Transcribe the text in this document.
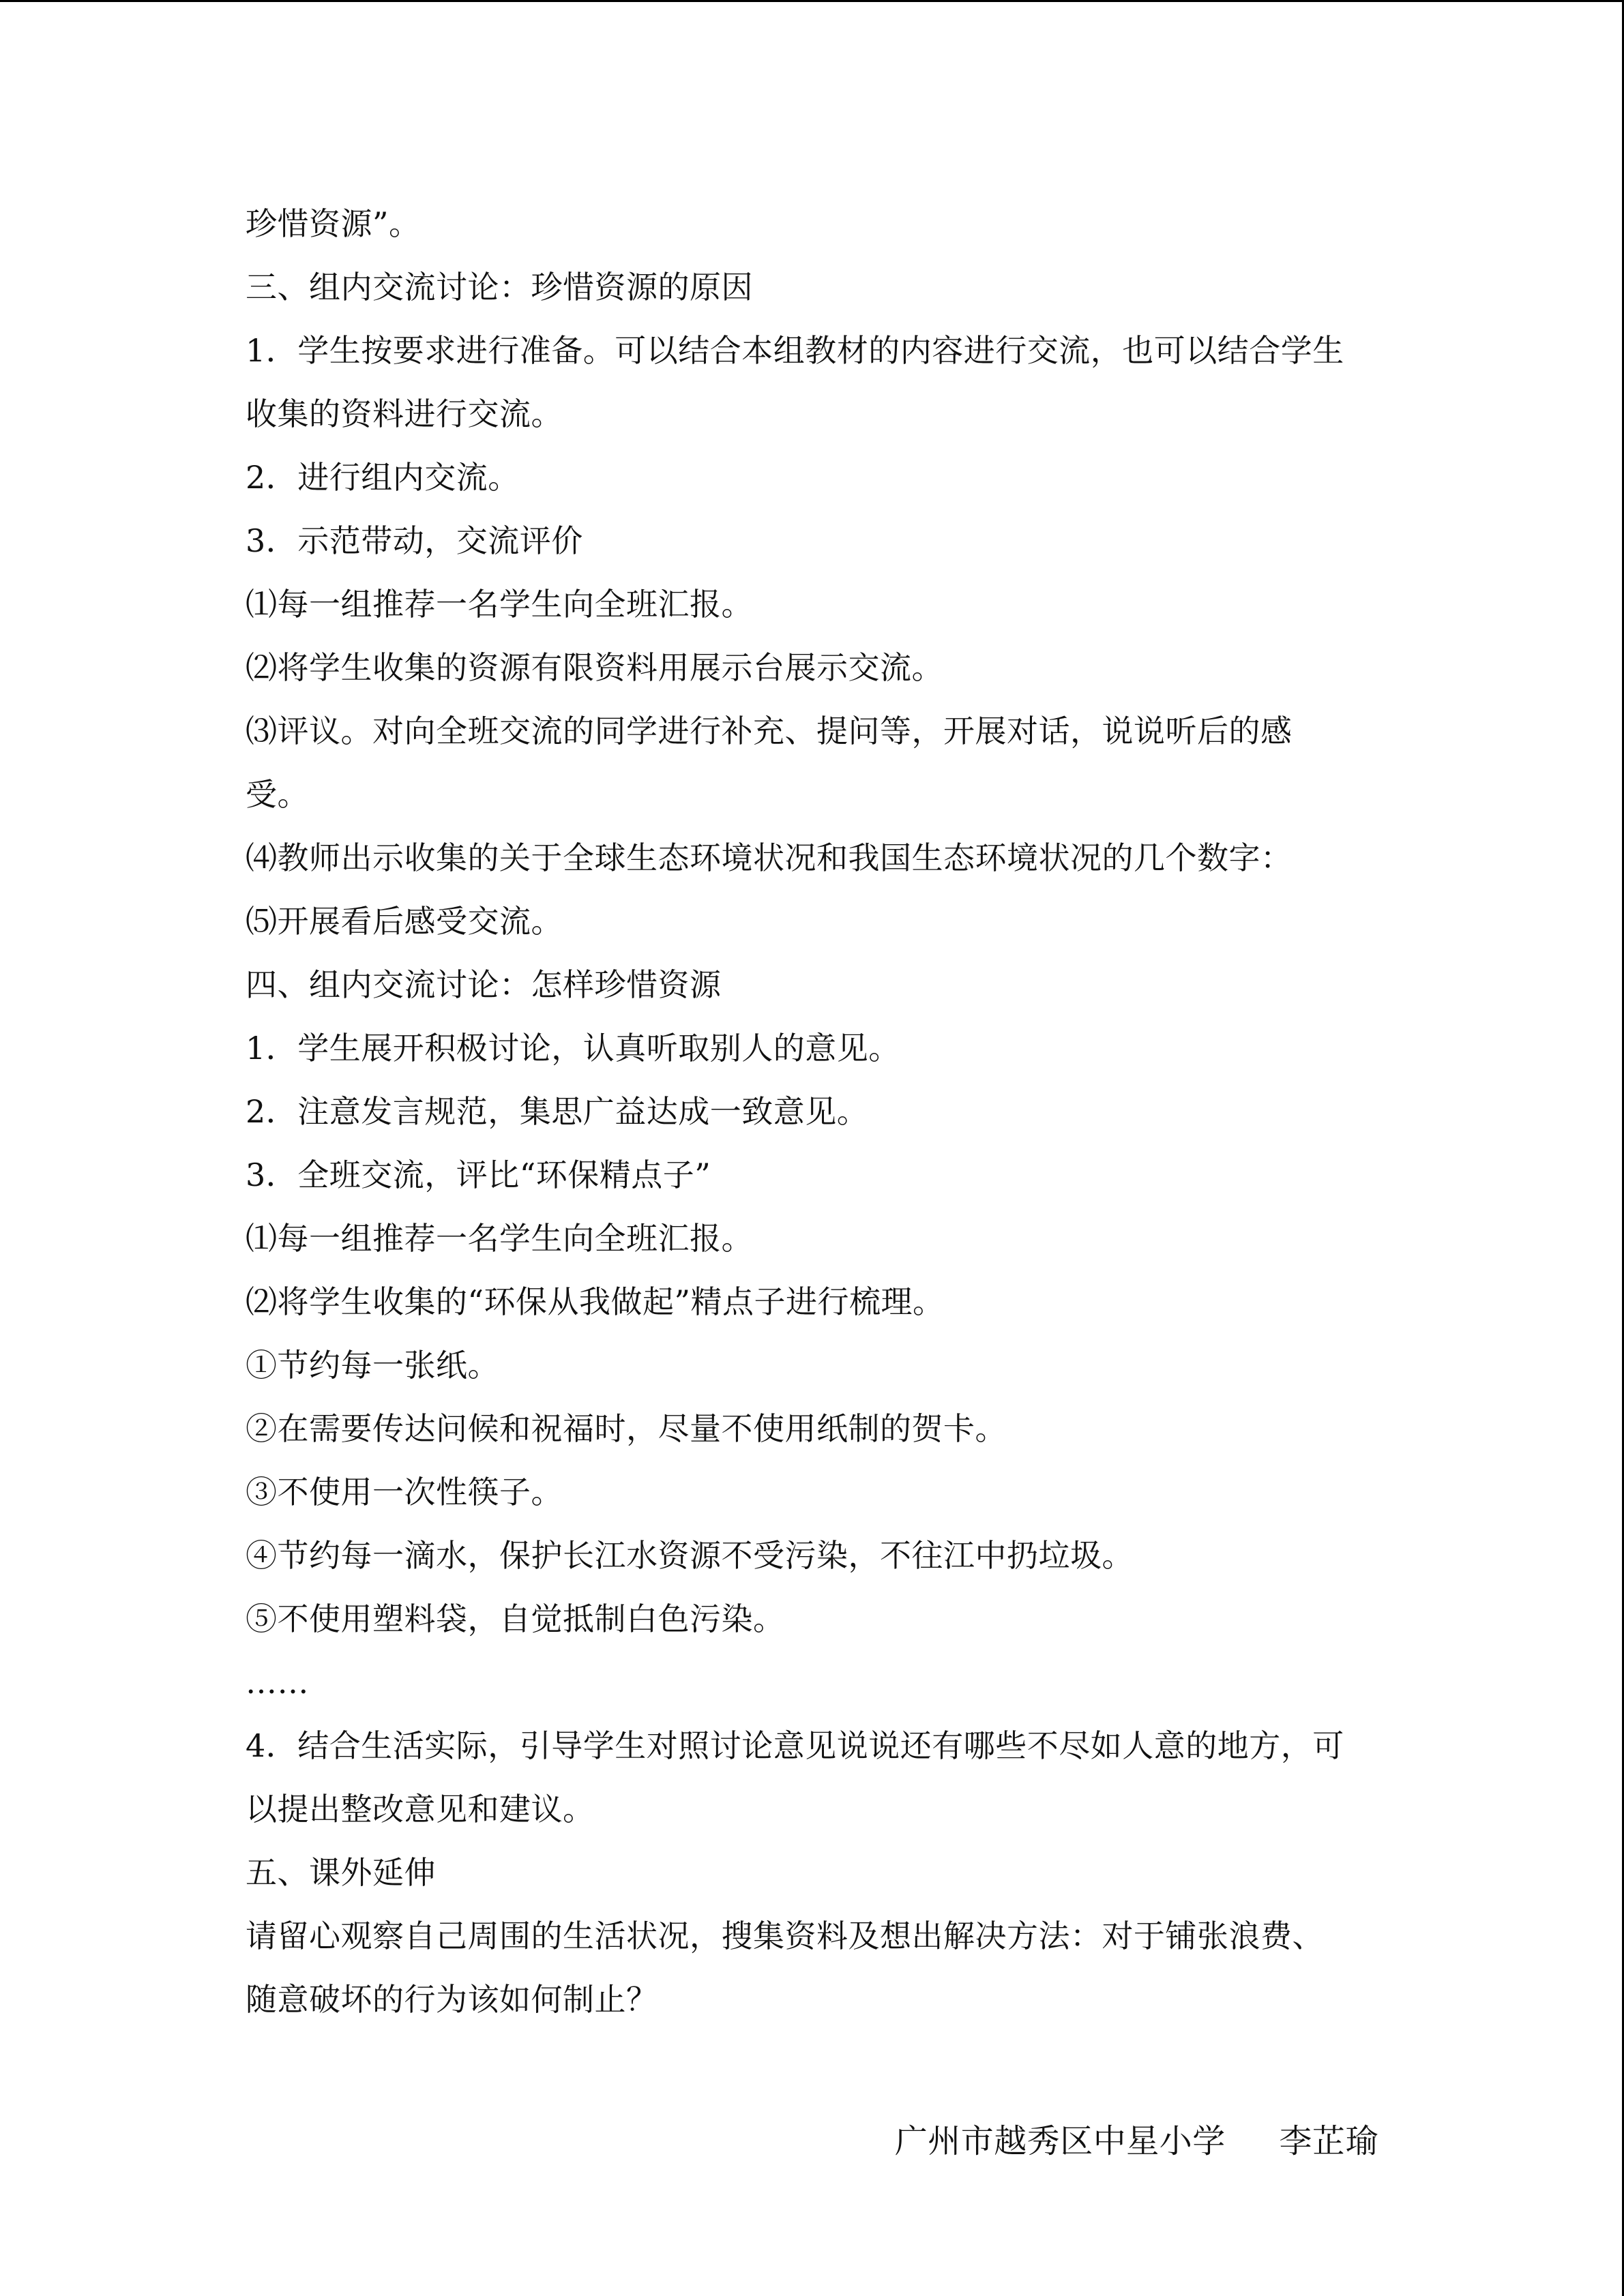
珍惜资源”。
三、组内交流讨论：珍惜资源的原因
1．学生按要求进行准备。可以结合本组教材的内容进行交流，也可以结合学生
收集的资料进行交流。
2．进行组内交流。
3．示范带动，交流评价
⑴每一组推荐一名学生向全班汇报。
⑵将学生收集的资源有限资料用展示台展示交流。
⑶评议。对向全班交流的同学进行补充、提问等，开展对话，说说听后的感
受。
⑷教师出示收集的关于全球生态环境状况和我国生态环境状况的几个数字：
⑸开展看后感受交流。
四、组内交流讨论：怎样珍惜资源
1．学生展开积极讨论，认真听取别人的意见。
2．注意发言规范，集思广益达成一致意见。
3．全班交流，评比“环保精点子”
⑴每一组推荐一名学生向全班汇报。
⑵将学生收集的“环保从我做起”精点子进行梳理。
①节约每一张纸。
②在需要传达问候和祝福时，尽量不使用纸制的贺卡。
③不使用一次性筷子。
④节约每一滴水，保护长江水资源不受污染，不往江中扔垃圾。
⑤不使用塑料袋，自觉抵制白色污染。
……
4．结合生活实际，引导学生对照讨论意见说说还有哪些不尽如人意的地方，可
以提出整改意见和建议。
五、课外延伸
请留心观察自己周围的生活状况，搜集资料及想出解决方法：对于铺张浪费、
随意破坏的行为该如何制止？
广州市越秀区中星小学     李芷瑜
